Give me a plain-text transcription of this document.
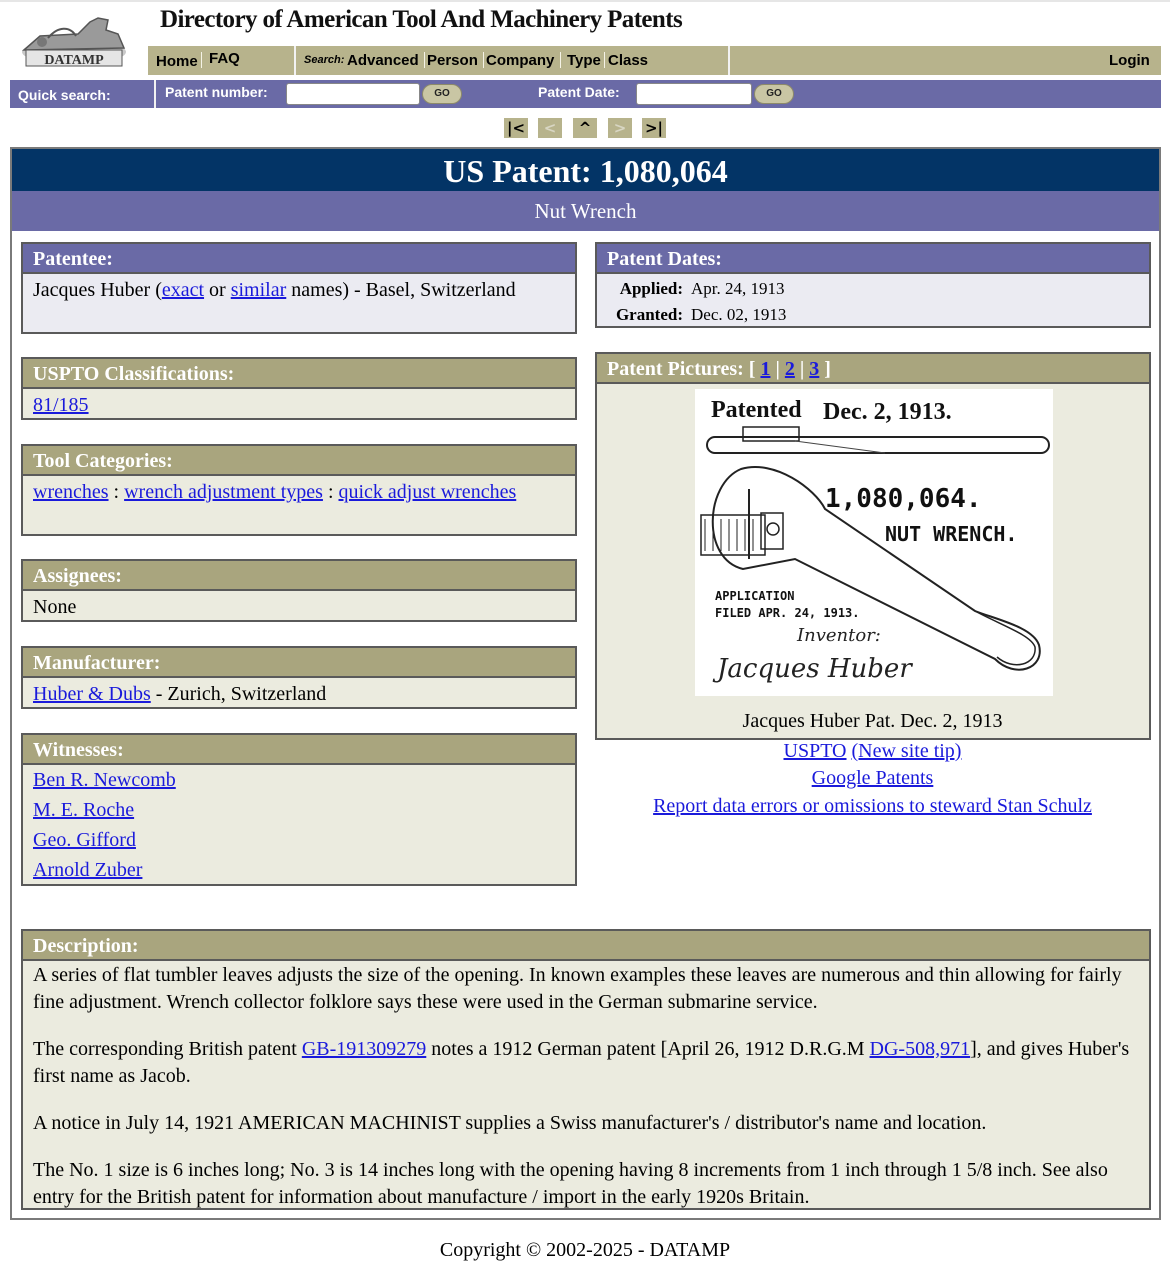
DATAMP
Directory of American Tool And Machinery Patents
Home FAQ	Search: Advanced Person Company Type Class	Login
Quick search:	Patent number:	GO	Patent Date:	GO
|<	<	^	>	>|
US Patent: 1,080,064
Nut Wrench
Patentee:
Jacques Huber (exact or similar names) - Basel, Switzerland
USPTO Classifications:
81/185
Tool Categories:
wrenches : wrench adjustment types : quick adjust wrenches
Assignees:
None
Manufacturer:
Huber & Dubs - Zurich, Switzerland
Witnesses:
Ben R. Newcomb
M. E. Roche
Geo. Gifford
Arnold Zuber
Patent Dates:
Applied: Apr. 24, 1913
Granted: Dec. 02, 1913
Patent Pictures: [ 1 | 2 | 3 ]
Patented Dec. 2, 1913.
1,080,064.
NUT WRENCH.
APPLICATION
FILED APR. 24, 1913.
Inventor:
Jacques Huber
Jacques Huber Pat. Dec. 2, 1913
USPTO (New site tip)
Google Patents
Report data errors or omissions to steward Stan Schulz
Description:

A series of flat tumbler leaves adjusts the size of the opening. In known examples these leaves are numerous and thin allowing for fairly fine adjustment. Wrench collector folklore says these were used in the German submarine service.

The corresponding British patent GB-191309279 notes a 1912 German patent [April 26, 1912 D.R.G.M DG-508,971], and gives Huber's first name as Jacob.

A notice in July 14, 1921 AMERICAN MACHINIST supplies a Swiss manufacturer's / distributor's name and location.

The No. 1 size is 6 inches long; No. 3 is 14 inches long with the opening having 8 increments from 1 inch through 1 5/8 inch. See also entry for the British patent for information about manufacture / import in the early 1920s Britain.

Copyright © 2002-2025 - DATAMP
